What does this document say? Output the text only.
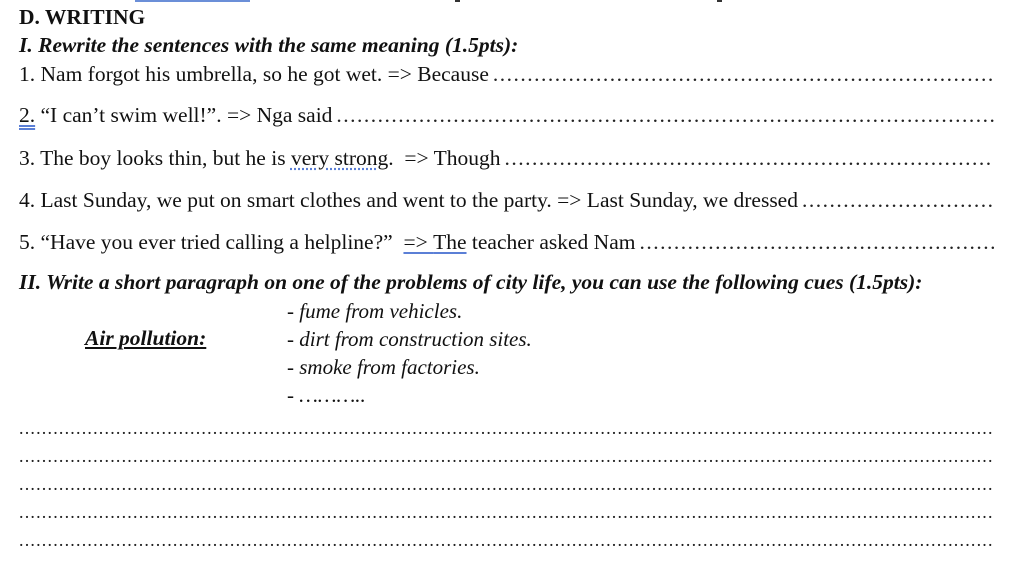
D. WRITING
I. Rewrite the sentences with the same meaning (1.5pts):
1. Nam forgot his umbrella, so he got wet. => Because
.....
2.
“I can’t swim well!”. => Nga said
.....
3. The boy looks thin, but he is very strong .  => Though
.....
4. Last Sunday, we put on smart clothes and went to the party. => Last Sunday, we dressed
.....
5. “Have you ever tried calling a helpline?” => The teacher asked Nam
.....
II. Write a short paragraph on one of the problems of city life, you can use the following cues (1.5pts):
Air pollution:
- fume from vehicles.
- dirt from construction sites.
- smoke from factories.
- ………..
.....
.....
.....
.....
.....
